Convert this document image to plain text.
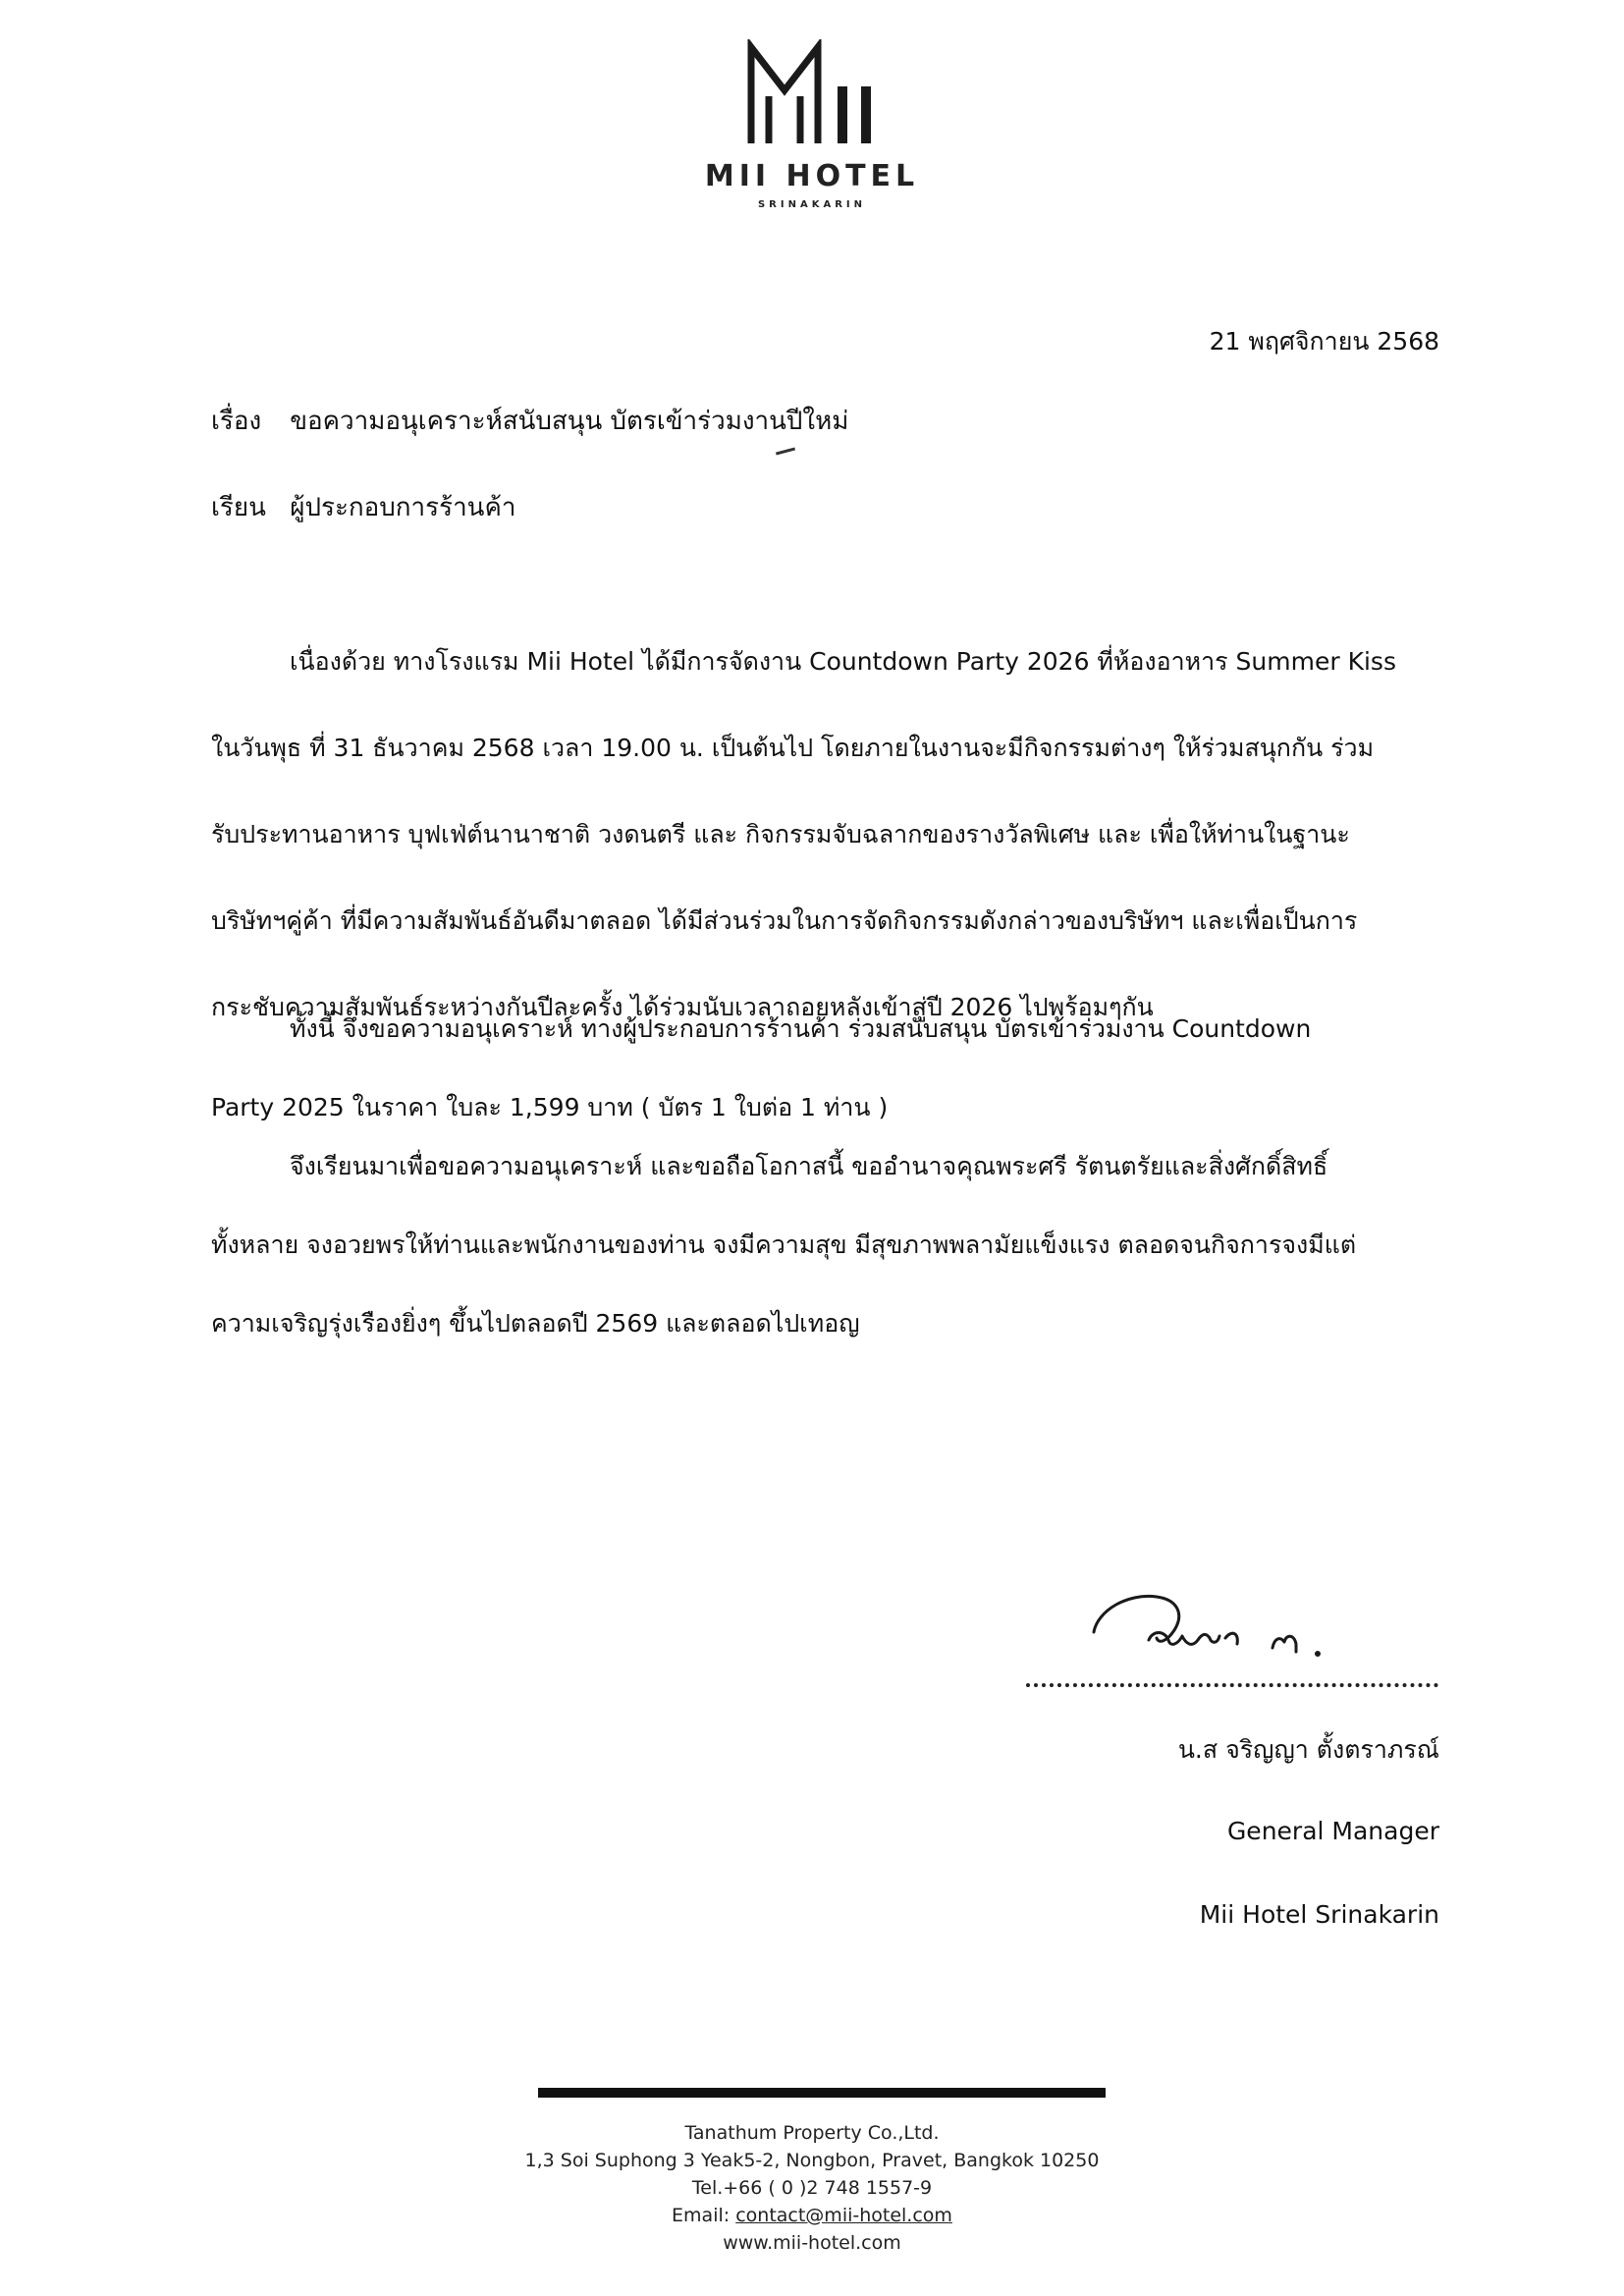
MII HOTEL
SRINAKARIN
21 พฤศจิกายน 2568
เรื่อง ขอความอนุเคราะห์สนับสนุน บัตรเข้าร่วมงานปีใหม่
เรียน ผู้ประกอบการร้านค้า
เนื่องด้วย ทางโรงแรม Mii Hotel ได้มีการจัดงาน Countdown Party 2026 ที่ห้องอาหาร Summer Kiss
ในวันพุธ ที่ 31 ธันวาคม 2568 เวลา 19.00 น. เป็นต้นไป โดยภายในงานจะมีกิจกรรมต่างๆ ให้ร่วมสนุกกัน ร่วม
รับประทานอาหาร บุฟเฟ่ต์นานาชาติ วงดนตรี และ กิจกรรมจับฉลากของรางวัลพิเศษ และ เพื่อให้ท่านในฐานะ
บริษัทฯคู่ค้า ที่มีความสัมพันธ์อันดีมาตลอด ได้มีส่วนร่วมในการจัดกิจกรรมดังกล่าวของบริษัทฯ และเพื่อเป็นการ
กระชับความสัมพันธ์ระหว่างกันปีละครั้ง ได้ร่วมนับเวลาถอยหลังเข้าสู่ปี 2026 ไปพร้อมๆกัน
ทั้งนี้ จึงขอความอนุเคราะห์ ทางผู้ประกอบการร้านค้า ร่วมสนับสนุน บัตรเข้าร่วมงาน Countdown
Party 2025 ในราคา ใบละ 1,599 บาท ( บัตร 1 ใบต่อ 1 ท่าน )
จึงเรียนมาเพื่อขอความอนุเคราะห์ และขอถือโอกาสนี้ ขออำนาจคุณพระศรี รัตนตรัยและสิ่งศักดิ์สิทธิ์
ทั้งหลาย จงอวยพรให้ท่านและพนักงานของท่าน จงมีความสุข มีสุขภาพพลามัยแข็งแรง ตลอดจนกิจการจงมีแต่
ความเจริญรุ่งเรืองยิ่งๆ ขึ้นไปตลอดปี 2569 และตลอดไปเทอญ
น.ส จริญญา ตั้งตราภรณ์
General Manager
Mii Hotel Srinakarin
Tanathum Property Co.,Ltd.
1,3 Soi Suphong 3 Yeak5-2, Nongbon, Pravet, Bangkok 10250
Tel.+66 ( 0 )2 748 1557-9
Email: contact@mii-hotel.com
www.mii-hotel.com
